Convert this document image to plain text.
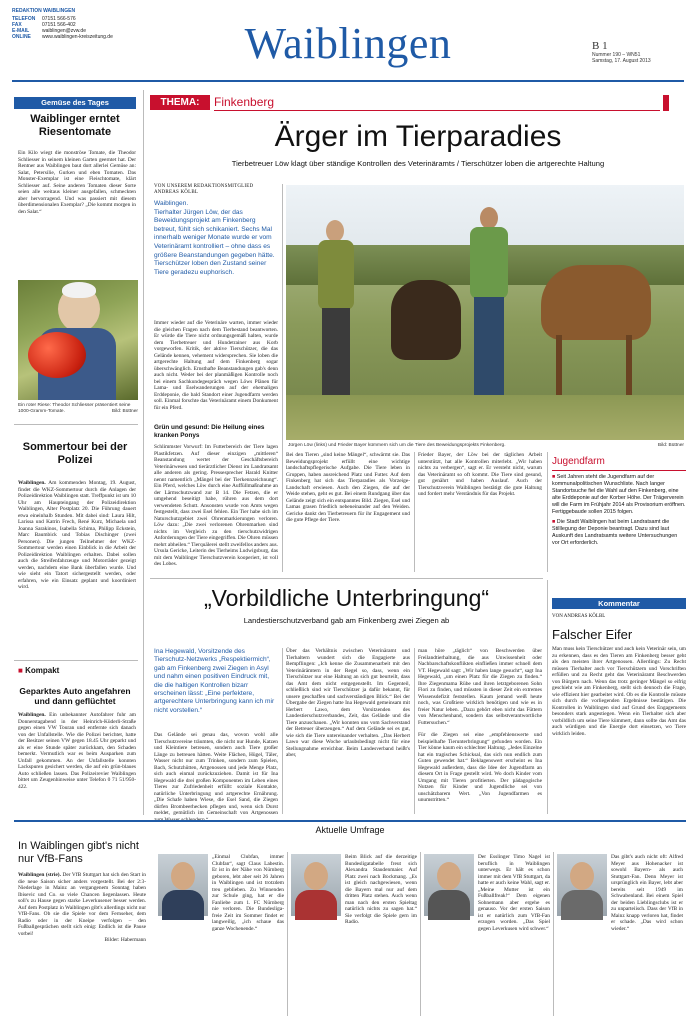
REDAKTION WAIBLINGEN
TELEFON 07151 566-576
FAX	07151 566-402
E-MAIL	waiblingen@zvw.de
ONLINE www.waiblingen-kreiszeitung.de	Waiblingen	B 1
Nummer 190 – WN51
Samstag, 17. August 2013
Gemüse des Tages
Waiblinger erntet Riesentomate
Ein Kilo wiegt die monströse Tomate, die Theodor Schliesser in seinem kleinen Garten geerntet hat. Der Rentner aus Waiblingen baut dort allerlei Gemüse an: Salat, Petersilie, Gurken und eben Tomaten. Das Monster-Exemplar ist eine Fleischtomate, klärt Schliesser auf. Seine anderen Tomaten dieser Sorte seien alle weitaus kleiner ausgefallen, schmeckten aber hervorragend. Und was passiert mit diesem überdimensionalen Exemplar? „Die kommt morgen in den Salat.“
Ein roter Riese: Theodor Schliesser präsentiert seine 1000-Gramm-Tomate.	Bild: Büttner
Sommertour bei der Polizei
Waiblingen. Am kommenden Montag, 19. August, findet die WKZ-Sommertour durch die Anlagen der Polizeidirektion Waiblingen statt. Treffpunkt ist um 10 Uhr am Haupteingang der Polizeidirektion Waiblingen, Alter Postplatz 20. Die Führung dauert etwa eineinhalb Stunden. Mit dabei sind: Laura Hilt, Larissa und Katrin Frech, René Kurz, Michaela und Joanna Sarakinos, Isabella Schima, Philipp Eckstein, Marc Baumbick und Tobias Dischinger (zwei Personen). Die jungen Teilnehmer der WKZ-Sommertour werden einen Einblick in die Arbeit der Polizeidirektion Waiblingen erhalten. Dabei sollen auch die Streifenfahrzeuge und Motorräder gezeigt werden, nachdem eine Bank überfallen wurde. Und wie sieht ein Tatort sichergestellt werden, oder erfahren, wie ein Einsatz geplant und koordiniert wird.
■ Kompakt
Geparktes Auto angefahren und dann geflüchtet
Waiblingen. Ein unbekannter Autofahrer fuhr am Donnerstagabend in der Heinrich-Küderli-Straße gegen einen VW Touran und entfernte sich danach von der Unfallstelle. Wie die Polizei berichtet, hatte der Besitzer seinen VW gegen 18.45 Uhr geparkt und als er eine Stunde später zurückkam, den Schaden bemerkt. Vermutlich war es beim Ausparken zum Unfall gekommen. An der Unfallstelle konnten Lackspuren gesichert werden, die auf ein grün-blaues Auto schließen lassen. Das Polizeirevier Waiblingen bittet um Zeugenhinweise unter Telefon 0 71 51/950-422.
THEMA:	Finkenberg
Ärger im Tierparadies
Tierbetreuer Löw klagt über ständige Kontrollen des Veterinäramts / Tierschützer loben die artgerechte Haltung
VON UNSEREM REDAKTIONSMITGLIED
ANDREAS KÖLBL
Waiblingen.
Tierhalter Jürgen Löw, der das Beweidungsprojekt am Finkenberg betreut, fühlt sich schikaniert. Sechs Mal innerhalb weniger Monate wurde er vom Veterinäramt kontrolliert – ohne dass es größere Beanstandungen gegeben hätte. Tierschützer loben den Zustand seiner Tiere geradezu euphorisch.
Immer wieder auf die Veterinäre warten, immer wieder die gleichen Fragen nach dem Tierbestand beantworten. Er würde die Tiere nicht ordnungsgemäß halten, wurde dem Tierbetreuer und Hundetrainer aus Korb vorgeworfen. Kritik, der aktive Tierschützer, die das Gelände kennen, vehement widersprechen. Sie loben die artgerechte Haltung auf dem Finkenberg sogar überschwänglich. Ernsthafte Beanstandungen gab's denn auch nicht. Weder bei der planmäßigen Kontrolle noch bei einem Sachkundegespräch wegen Löws Plänen für Lama- und Eselwanderungen auf der ehemaligen Erddeponie, die bald Standort einer Jugendfarm werden soll. Einmal forschte das Veterinäramt einem Donkument für ein Pferd.
Grün und gesund: Die Heilung eines kranken Ponys
Schlimmster Vorwurf: Im Futterbereich der Tiere lagen Plastikfetzen. Auf dieser einzigen „mittleren“ Beanstandung wertet der Geschäftsbereich Veterinärwesen und tierärztlicher Dienst im Landratsamt alle anderen als gering. Pressesprecher Harald Knitter nennt namentlich „Mängel bei der Tierkennzeichnung“. Ein Pferd, welches Löw durch eine Auffüllmaßnahme an der Lärmschutzwand zur B 14. Die Fetzen, die er umgehend beseitigt habe, rühren aus dem dort verwendeten Schutt. Ansonsten wurde von Amts wegen festgestellt, dass zwei Esel fehlen. Ein Tier habe sich im Naturschutzgebiet zwei Ohrenmarkierungen verloren. Löw dazu: „Die zwei verlorenen Ohrenmarken sind nichts im Vergleich zu den tierschutzwidrigen Anforderungen der Tiere eingegriffen. Die Ohren müssen mehrt abheilen.“ Tierquälerei stellt zweifellos anders aus. Ursula Gericke, Leiterin des Tierheims Ludwigsburg, das mit dem Waiblinger Tierschutzverein kooperiert, ist voll des Lobes.
Jürgen Löw (links) und Frieder Bayer kümmern sich um die Tiere des Beweidungsprojekts Finkenberg.	Bild: Büttner
Bei den Tieren „sind keine Mängel“, schwärmt sie. Das Beweidungsprojekt erfüllt eine wichtige landschaftspflegerische Aufgabe. Die Tiere leben in Gruppen, haben ausreichend Platz und Futter. Auf dem Finkenberg hat sich das Tierparadies als Vorzeige-Landschaft erwiesen. Auch den Ziegen, die auf der Weide stehen, geht es gut. Bei einem Rundgang über das Gelände zeigt sich ein entspanntes Bild. Ziegen, Esel und Lamas grasen friedlich nebeneinander auf den Weiden. Gericke dankt den Tierbetreuern für ihr Engagement und die gute Pflege der Tiere.
Frieder Bayer, der Löw bei der täglichen Arbeit unterstützt, hat alle Kontrollen miterlebt. „Wir haben nichts zu verbergen“, sagt er. Er versteht nicht, warum das Veterinäramt so oft kommt. Die Tiere sind gesund, gut genährt und haben Auslauf. Auch der Tierschutzverein Waiblingen bestätigt die gute Haltung und fordert mehr Verständnis für das Projekt.
Jugendfarm
■ Seit Jahren steht die Jugendfarm auf der kommunalpolitischen Wunschliste. Nach langer Standortsuche fiel die Wahl auf den Finkenberg, eine alte Erddeponie auf der Korber Höhe. Der Trägerverein will die Farm im Frühjahr 2014 als Provisorium eröffnen. Fertiggebaude sollen 2015 folgen.
■ Die Stadt Waiblingen hat beim Landratsamt die Stilllegung der Deponie beantragt. Dazu sind laut Auskunft des Landratsamts weitere Untersuchungen vor Ort erforderlich.
„Vorbildliche Unterbringung“
Landestierschutzverband gab am Finkenberg zwei Ziegen ab
Ina Hegewald, Vorsitzende des Tierschutz-Netzwerks „Respektiermich“, gab am Finkenberg zwei Ziegen in Asyl und nahm einen positiven Eindruck mit, die die haltigen Kontrollen bizarr erscheinen lässt: „Eine perfektere, artgerechtere Unterbringung kann ich mir nicht vorstellen.“
Das Gelände sei genau das, wovon wohl alle Tierschutzvereine träumten, die nicht nur Hunde, Katzen und Kleintiere betreuen, sondern auch Tiere großer Länge zu betreuen hätten. Weite Flächen, Hügel, Täler, Wasser nicht nur zum Trinken, sondern zum Spielen, Bach, Schutzhütten, Artgenossen und jede Menge Platz, sich auch einmal zurückzuziehen. Damit ist für Ina Hegewald die drei großen Komponenten im Leben eines Tieres zur Zufriedenheit erfüllt: soziale Kontakte, natürliche Unterbringung und artgerechte Ernährung. „Die Schafe haben Wiese, die Esel Sand, die Ziegen dürfen Brombeerhecken pflegen und, wenn sich Durst meldet, gemütlich im Gemeinschaft von Artgenossen
Über das Verhältnis zwischen Veterinäramt und Tierhaltern wundert sich die Engagierte aus Bempflingen: „Ich kenne die Zusammenarbeit mit den Veterinärämtern in der Regel so, dass, wenn ein Tierschützer nur eine Haltung an sich gut beurteilt, dass das Amt dem nicht entgegenstellt. Im Gegenteil, schließlich sind wir Tierschützer ja dafür bekannt, für unsere geschaffen und sachverständigen Blick.“ Bei der Übergabe der Ziegen hatte Ina Hegewald gemeinsam mit Herbert Lawo, dem Vorsitzenden des Landestierschutzverbandes, Zeit, das Gelände und die Tiere anzuschauen. „Wir konnten uns vom Sachverstand der Betreuer überzeugen.“ Auf dem Gelände sei es gut, wie sich die Tiere untereinander verhalten. „Das Herbert Lawo war diese Woche urlaubsbedingt nicht für eine Stellungnahme erreichbar. Beim Landesverband heißt's aber,
man höre „täglich“ von Beschwerden über Freilandtierhaltung, die aus Unwissenheit oder Nachbarschaftskonflikten einfließen immer schnell dem VT. Hegewald sagt: „Wir haben lange gesucht“, sagt Ina Hegewald, „um einen Platz für die Ziegen zu finden.“ Ihre Ziegenmama Rübe und ihren letztgeborenen Sohn Flori zu finden, und müssten in dieser Zeit ein extremes Wissensdefizit feststellen. Kaum jemand weiß heute noch, was Großtiere wirklich benötigen und wie es in freier Natur leben. „Dazu gehört eben nicht das Füttern von Menschenhand, sondern das selbstverantwortliche Futtersuchen.“
Für die Ziegen sei eine „empfehlenswerte und beispielhafte Tierunterbringung“ gefunden worden. Ein Tier könne kaum ein schlechter Haltung. „Jedes Einzelne hat ein tragisches Schicksal, das sich nun endlich zum Guten gewendet hat.“ Beklagenswert erscheint es Ina Hegewald außerdem, dass die Idee der Jugendfarm an diesem Ort in Frage gestellt wird. Wo doch Kinder vom Umgang mit Tieren profitierten. Der pädagogische Nutzen für Kinder und Jugendliche sei von unschätzbarem Wert. „Von Jugendfarmen es unumstritten.“
Kommentar
VON ANDREAS KÖLBL
Falscher Eifer
Man muss kein Tierschützer und auch kein Veterinär sein, um zu erkennen, dass es den Tieren am Finkenberg besser geht als den meisten ihrer Artgenossen. Allerdings: Zu Recht müssen Tierhalter auch vor Tierschützern und Vorschriften erfüllen und zu Recht geht das Veterinäramt Beschwerden von Bürgern nach. Wenn das trotz geringer Mängel so eifrig geschieht wie am Finkenberg, stellt sich dennoch die Frage, wie effizient hier gearbeitet wird. Ob es die Kontrolle müsste sich durch die vorliegenden Ergebnisse bestätigen. Die Kontrollen in Waiblingen sind auf Grund des Engagements besonders stark angestiegen. Wenn ein Tierhalter sich aber vorbildlich um seine Tiere kümmert, dann sollte das Amt das auch würdigen und die Energie dort einsetzen, wo Tiere wirklich leiden.
Aktuelle Umfrage
In Waiblingen gibt's nicht nur VfB-Fans
Waiblingen (strie). Der VfB Stuttgart hat sich den Start in die neue Saison sicher anders vorgestellt. Bei der 2:3-Niederlage in Mainz an vergangenem Sonntag haben Ibisevic und Co. so viele Chancen liegenlassen. Heute soll's zu Hause gegen starke Leverkusener besser werden. Auf dem Postplatz in Waiblingen gibt's allerdings nicht nur VfB-Fans. Ob sie die Spiele vor dem Fernseher, dem Radio oder in der Kneipe verfolgen – den Fußballgesprächen stellt sich einig: Endlich ist die Pause vorbei!
Bilder: Habermann
„Einmal Clubfan, immer Clubfan“, sagt Claus Labestin. Er ist in der Nähe von Nürnberg geboren, lebt aber seit 26 Jahren in Waiblingen und ist trotzdem treu geblieben. Zu Winnenden zur Schule ging, hat er die Fanliebe zum 1. FC Nürnberg nie verloren. Die Bundesliga-freie Zeit im Sommer findet er langweilig, „ich schaue das ganze Wochenende.“
Beim Blick auf die derzeitige Bundesligatabelle freut sich Alexandra Staudenmaier. Auf Platz zwei nach Bockmang. „Es ist gleich nachgewiesen, wenn die Bayern mal nur auf dem dritten Platz stehen. Auch wenn man nach den ersten Spieltag natürlich nichts zu sagen hat.“ Sie verfolgt die Spiele gern im Radio.
Der Esslinger Timo Nagel ist beruflich in Waiblingen unterwegs. Er hält es schon immer mit dem VfB Stuttgart, da hatte er auch keine Wahl, sagt er. „Meine Mutter ist ein Fußballfreak!“ Dem eigenen Sohnemann aber ergehe es genauso. Vor der ersten Saison ist er natürlich zum VfB-Fan erzogen worden. „Das Spiel gegen Leverkusen wird schwer.“
Das gibt's auch nicht oft: Alfred Meyer aus Hohenacker ist sowohl Bayern- als auch Stuttgart-Fan. Denn Meyer ist ursprünglich ein Bayer, lebt aber bereits seit 1949 im Schwabenland. Bei einem Spiel der beiden Lieblingsclubs ist er zu unparteiisch. Dass der VfB in Mainz knapp verloren hat, findet er schade. „Das wird schon wieder.“
